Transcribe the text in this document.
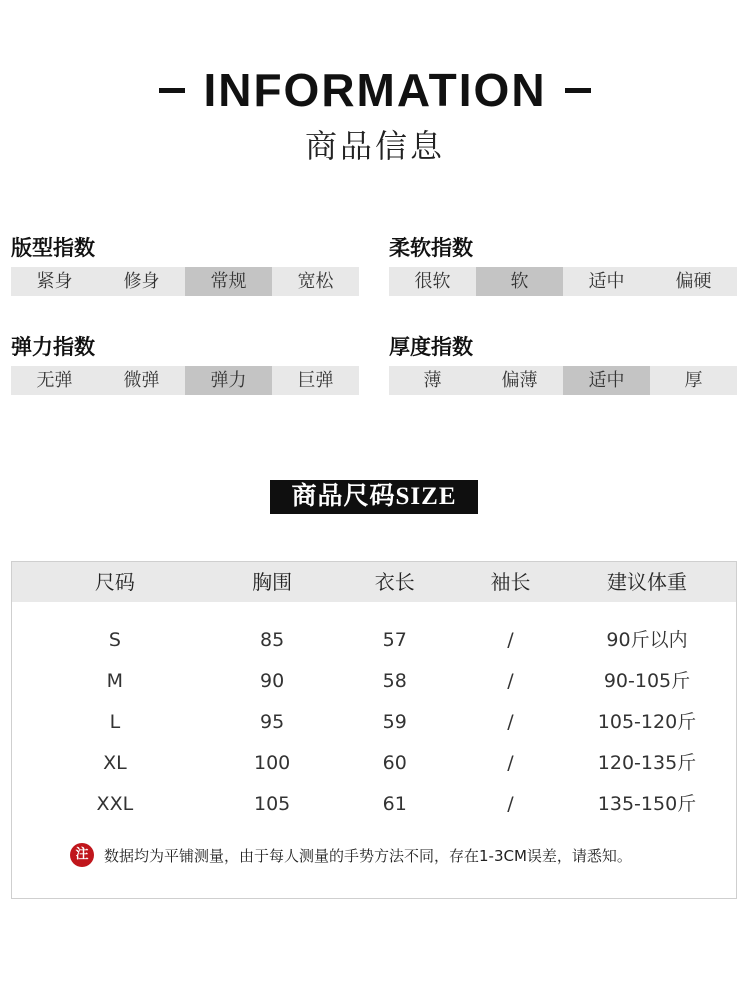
INFORMATION
商品信息
版型指数
紧身	修身	常规	宽松
柔软指数
很软	软	适中	偏硬
弹力指数
无弹	微弹	弹力	巨弹
厚度指数
薄	偏薄	适中	厚
商品尺码SIZE
尺码	胸围	衣长	袖长	建议体重
S	85	57	/	90斤以内
M	90	58	/	90-105斤
L	95	59	/	105-120斤
XL	100	60	/	120-135斤
XXL	105	61	/	135-150斤
注	数据均为平铺测量，由于每人测量的手势方法不同，存在1-3CM误差，请悉知。
